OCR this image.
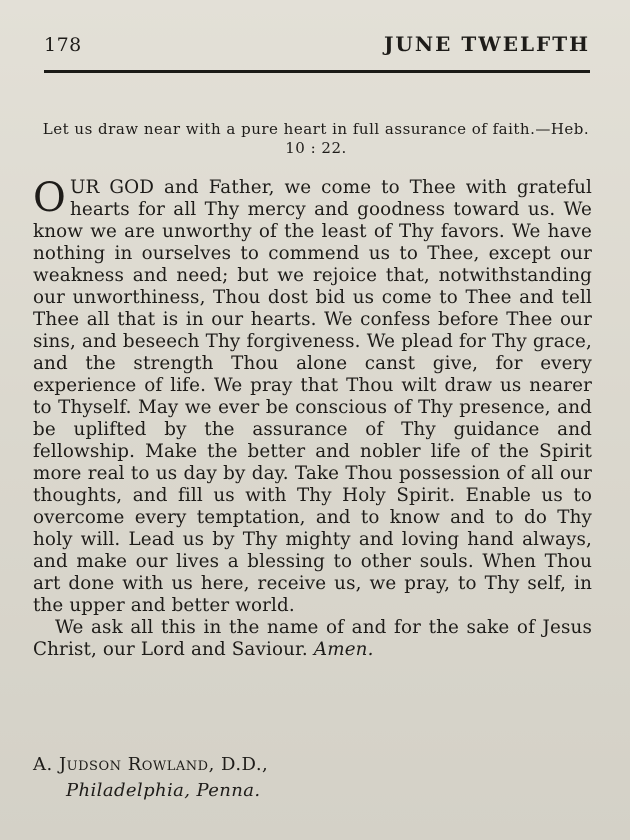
178	JUNE TWELFTH
Let us draw near with a pure heart in full assurance of faith.—Heb. 10 : 22.

OUR GOD and Father, we come to Thee with grateful hearts for all Thy mercy and goodness toward us. We know we are unworthy of the least of Thy favors. We have nothing in ourselves to commend us to Thee, except our weakness and need; but we rejoice that, notwithstanding our unworthiness, Thou dost bid us come to Thee and tell Thee all that is in our hearts. We confess before Thee our sins, and beseech Thy forgiveness. We plead for Thy grace, and the strength Thou alone canst give, for every experience of life. We pray that Thou wilt draw us nearer to Thyself. May we ever be conscious of Thy presence, and be uplifted by the assurance of Thy guidance and fellowship. Make the better and nobler life of the Spirit more real to us day by day. Take Thou possession of all our thoughts, and fill us with Thy Holy Spirit. Enable us to overcome every temptation, and to know and to do Thy holy will. Lead us by Thy mighty and loving hand always, and make our lives a blessing to other souls. When Thou art done with us here, receive us, we pray, to Thy self, in the upper and better world.

We ask all this in the name of and for the sake of Jesus Christ, our Lord and Saviour. Amen.

A. Judson Rowland, D.D.,
Philadelphia, Penna.
